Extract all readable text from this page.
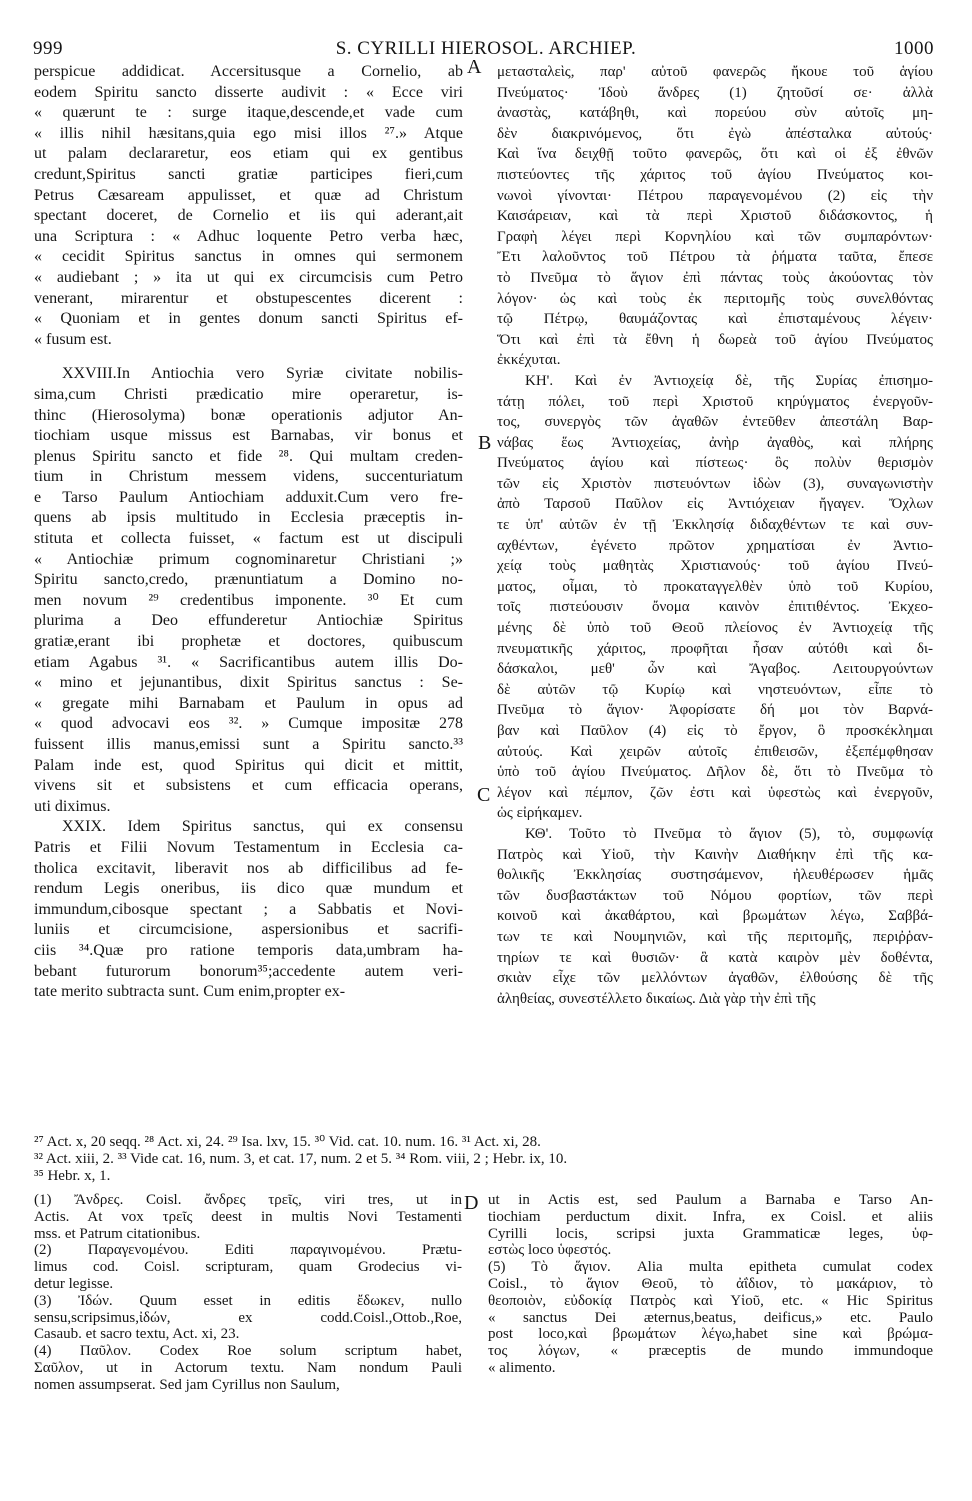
999	S. CYRILLI HIEROSOL. ARCHIEP.	1000
A
B
C
D
perspicue addidicat. Accersitusque a Cornelio, ab
eodem Spiritu sancto disserte audivit : « Ecce viri
« quærunt te : surge itaque,descende,et vade cum
« illis nihil hæsitans,quia ego misi illos ²⁷.» Atque
ut palam declararetur, eos etiam qui ex gentibus
credunt,Spiritus sancti gratiæ participes fieri,cum
Petrus Cæsaream appulisset, et quæ ad Christum
spectant doceret, de Cornelio et iis qui aderant,ait
una Scriptura : « Adhuc loquente Petro verba hæc,
« cecidit Spiritus sanctus in omnes qui sermonem
« audiebant ; » ita ut qui ex circumcisis cum Petro
venerant, mirarentur et obstupescentes dicerent :
« Quoniam et in gentes donum sancti Spiritus ef-
« fusum est.
XXVIII.In Antiochia vero Syriæ civitate nobilis-
sima,cum Christi prædicatio mire operaretur, is-
thinc (Hierosolyma) bonæ operationis adjutor An-
tiochiam usque missus est Barnabas, vir bonus et
plenus Spiritu sancto et fide ²⁸. Qui multam creden-
tium in Christum messem videns, succenturiatum
e Tarso Paulum Antiochiam adduxit.Cum vero fre-
quens ab ipsis multitudo in Ecclesia præceptis in-
stituta et collecta fuisset, « factum est ut discipuli
« Antiochiæ primum cognominaretur Christiani ;»
Spiritu sancto,credo, prænuntiatum a Domino no-
men novum ²⁹ credentibus imponente. ³⁰ Et cum
plurima a Deo effunderetur Antiochiæ Spiritus
gratiæ,erant ibi prophetæ et doctores, quibuscum
etiam Agabus ³¹. « Sacrificantibus autem illis Do-
« mino et jejunantibus, dixit Spiritus sanctus : Se-
« gregate mihi Barnabam et Paulum in opus ad
« quod advocavi eos ³². » Cumque impositæ 278
fuissent illis manus,emissi sunt a Spiritu sancto.³³
Palam inde est, quod Spiritus qui dicit et mittit,
vivens sit et subsistens et cum efficacia operans,
uti diximus.
XXIX. Idem Spiritus sanctus, qui ex consensu
Patris et Filii Novum Testamentum in Ecclesia ca-
tholica excitavit, liberavit nos ab difficilibus ad fe-
rendum Legis oneribus, iis dico quæ mundum et
immundum,cibosque spectant ; a Sabbatis et Novi-
luniis et circumcisione, aspersionibus et sacrifi-
ciis ³⁴.Quæ pro ratione temporis data,umbram ha-
bebant futurorum bonorum³⁵;accedente autem veri-
tate merito subtracta sunt. Cum enim,propter ex-
μετασταλεὶς, παρ' αὐτοῦ φανερῶς ἤκουε τοῦ ἁγίου
Πνεύματος· Ἰδοὺ ἄνδρες (1) ζητοῦσί σε· ἀλλὰ
ἀναστὰς, κατάβηθι, καὶ πορεύου σὺν αὐτοῖς μη-
δὲν διακρινόμενος, ὅτι ἐγὼ ἀπέσταλκα αὐτούς·
Καὶ ἵνα δειχθῇ τοῦτο φανερῶς, ὅτι καὶ οἱ ἐξ ἐθνῶν
πιστεύοντες τῆς χάριτος τοῦ ἁγίου Πνεύματος κοι-
νωνοὶ γίνονται· Πέτρου παραγενομένου (2) εἰς τὴν
Καισάρειαν, καὶ τὰ περὶ Χριστοῦ διδάσκοντος, ἡ
Γραφὴ λέγει περὶ Κορνηλίου καὶ τῶν συμπαρόντων·
Ἔτι λαλοῦντος τοῦ Πέτρου τὰ ῥήματα ταῦτα, ἔπεσε
τὸ Πνεῦμα τὸ ἅγιον ἐπὶ πάντας τοὺς ἀκούοντας τὸν
λόγον· ὡς καὶ τοὺς ἐκ περιτομῆς τοὺς συνελθόντας
τῷ Πέτρῳ, θαυμάζοντας καὶ ἐπισταμένους λέγειν·
Ὅτι καὶ ἐπὶ τὰ ἔθνη ἡ δωρεὰ τοῦ ἁγίου Πνεύματος
ἐκκέχυται.
ΚΗ'. Καὶ ἐν Ἀντιοχείᾳ δὲ, τῆς Συρίας ἐπισημο-
τάτῃ πόλει, τοῦ περὶ Χριστοῦ κηρύγματος ἐνεργοῦν-
τος, συνεργὸς τῶν ἀγαθῶν ἐντεῦθεν ἀπεστάλη Βαρ-
νάβας ἕως Ἀντιοχείας, ἀνὴρ ἀγαθὸς, καὶ πλήρης
Πνεύματος ἁγίου καὶ πίστεως· ὃς πολὺν θερισμὸν
τῶν εἰς Χριστὸν πιστευόντων ἰδὼν (3), συναγωνιστὴν
ἀπὸ Ταρσοῦ Παῦλον εἰς Ἀντιόχειαν ἤγαγεν. Ὄχλων
τε ὑπ' αὐτῶν ἐν τῇ Ἐκκλησίᾳ διδαχθέντων τε καὶ συν-
αχθέντων, ἐγένετο πρῶτον χρηματίσαι ἐν Ἀντιο-
χείᾳ τοὺς μαθητὰς Χριστιανούς· τοῦ ἁγίου Πνεύ-
ματος, οἶμαι, τὸ προκαταγγελθὲν ὑπὸ τοῦ Κυρίου,
τοῖς πιστεύουσιν ὄνομα καινὸν ἐπιτιθέντος. Ἐκχεο-
μένης δὲ ὑπὸ τοῦ Θεοῦ πλείονος ἐν Ἀντιοχείᾳ τῆς
πνευματικῆς χάριτος, προφῆται ἦσαν αὐτόθι καὶ δι-
δάσκαλοι, μεθ' ὧν καὶ Ἄγαβος. Λειτουργούντων
δὲ αὐτῶν τῷ Κυρίῳ καὶ νηστευόντων, εἶπε τὸ
Πνεῦμα τὸ ἅγιον· Ἀφορίσατε δή μοι τὸν Βαρνά-
βαν καὶ Παῦλον (4) εἰς τὸ ἔργον, ὃ προσκέκλημαι
αὐτούς. Καὶ χειρῶν αὐτοῖς ἐπιθεισῶν, ἐξεπέμφθησαν
ὑπὸ τοῦ ἁγίου Πνεύματος. Δῆλον δὲ, ὅτι τὸ Πνεῦμα τὸ
λέγον καὶ πέμπον, ζῶν ἐστι καὶ ὑφεστὼς καὶ ἐνεργοῦν,
ὡς εἰρήκαμεν.
ΚΘ'. Τοῦτο τὸ Πνεῦμα τὸ ἅγιον (5), τὸ, συμφωνίᾳ
Πατρὸς καὶ Υἱοῦ, τὴν Καινὴν Διαθήκην ἐπὶ τῆς κα-
θολικῆς Ἐκκλησίας συστησάμενον, ἠλευθέρωσεν ἡμᾶς
τῶν δυσβαστάκτων τοῦ Νόμου φορτίων, τῶν περὶ
κοινοῦ καὶ ἀκαθάρτου, καὶ βρωμάτων λέγω, Σαββά-
των τε καὶ Νουμηνιῶν, καὶ τῆς περιτομῆς, περιῤῥαν-
τηρίων τε καὶ θυσιῶν· ἃ κατὰ καιρὸν μὲν δοθέντα,
σκιὰν εἶχε τῶν μελλόντων ἀγαθῶν, ἐλθούσης δὲ τῆς
ἀληθείας, συνεστέλλετο δικαίως. Διὰ γὰρ τὴν ἐπὶ τῆς
²⁷ Act. x, 20 seqq. ²⁸ Act. xi, 24. ²⁹ Isa. lxv, 15. ³⁰ Vid. cat. 10. num. 16. ³¹ Act. xi, 28.
³² Act. xiii, 2. ³³ Vide cat. 16, num. 3, et cat. 17, num. 2 et 5. ³⁴ Rom. viii, 2 ; Hebr. ix, 10.
³⁵ Hebr. x, 1.
(1) Ἄνδρες. Coisl. ἄνδρες τρεῖς, viri tres, ut in
Actis. At vox τρεῖς deest in multis Novi Testamenti
mss. et Patrum citationibus.
(2) Παραγενομένου. Editi παραγινομένου. Prætu-
limus cod. Coisl. scripturam, quam Grodecius vi-
detur legisse.
(3) Ἰδών. Quum esset in editis ἔδωκεν, nullo
sensu,scripsimus,ἰδών, ex codd.Coisl.,Ottob.,Roe,
Casaub. et sacro textu, Act. xi, 23.
(4) Παῦλον. Codex Roe solum scriptum habet,
Σαῦλον, ut in Actorum textu. Nam nondum Pauli
nomen assumpserat. Sed jam Cyrillus non Saulum,
ut in Actis est, sed Paulum a Barnaba e Tarso An-
tiochiam perductum dixit. Infra, ex Coisl. et aliis
Cyrilli locis, scripsi juxta Grammaticæ leges, ὑφ-
εστὼς loco ὑφεστός.
(5) Τὸ ἅγιον. Alia multa epitheta cumulat codex
Coisl., τὸ ἅγιον Θεοῦ, τὸ ἀΐδιον, τὸ μακάριον, τὸ
θεοποιὸν, εὐδοκίᾳ Πατρὸς καὶ Υἱοῦ, etc. « Hic Spiritus
« sanctus Dei æternus,beatus, deificus,» etc. Paulo
post loco,καὶ βρωμάτων λέγω,habet sine καὶ βρώμα-
τος λόγων, « præceptis de mundo immundoque
« alimento.
